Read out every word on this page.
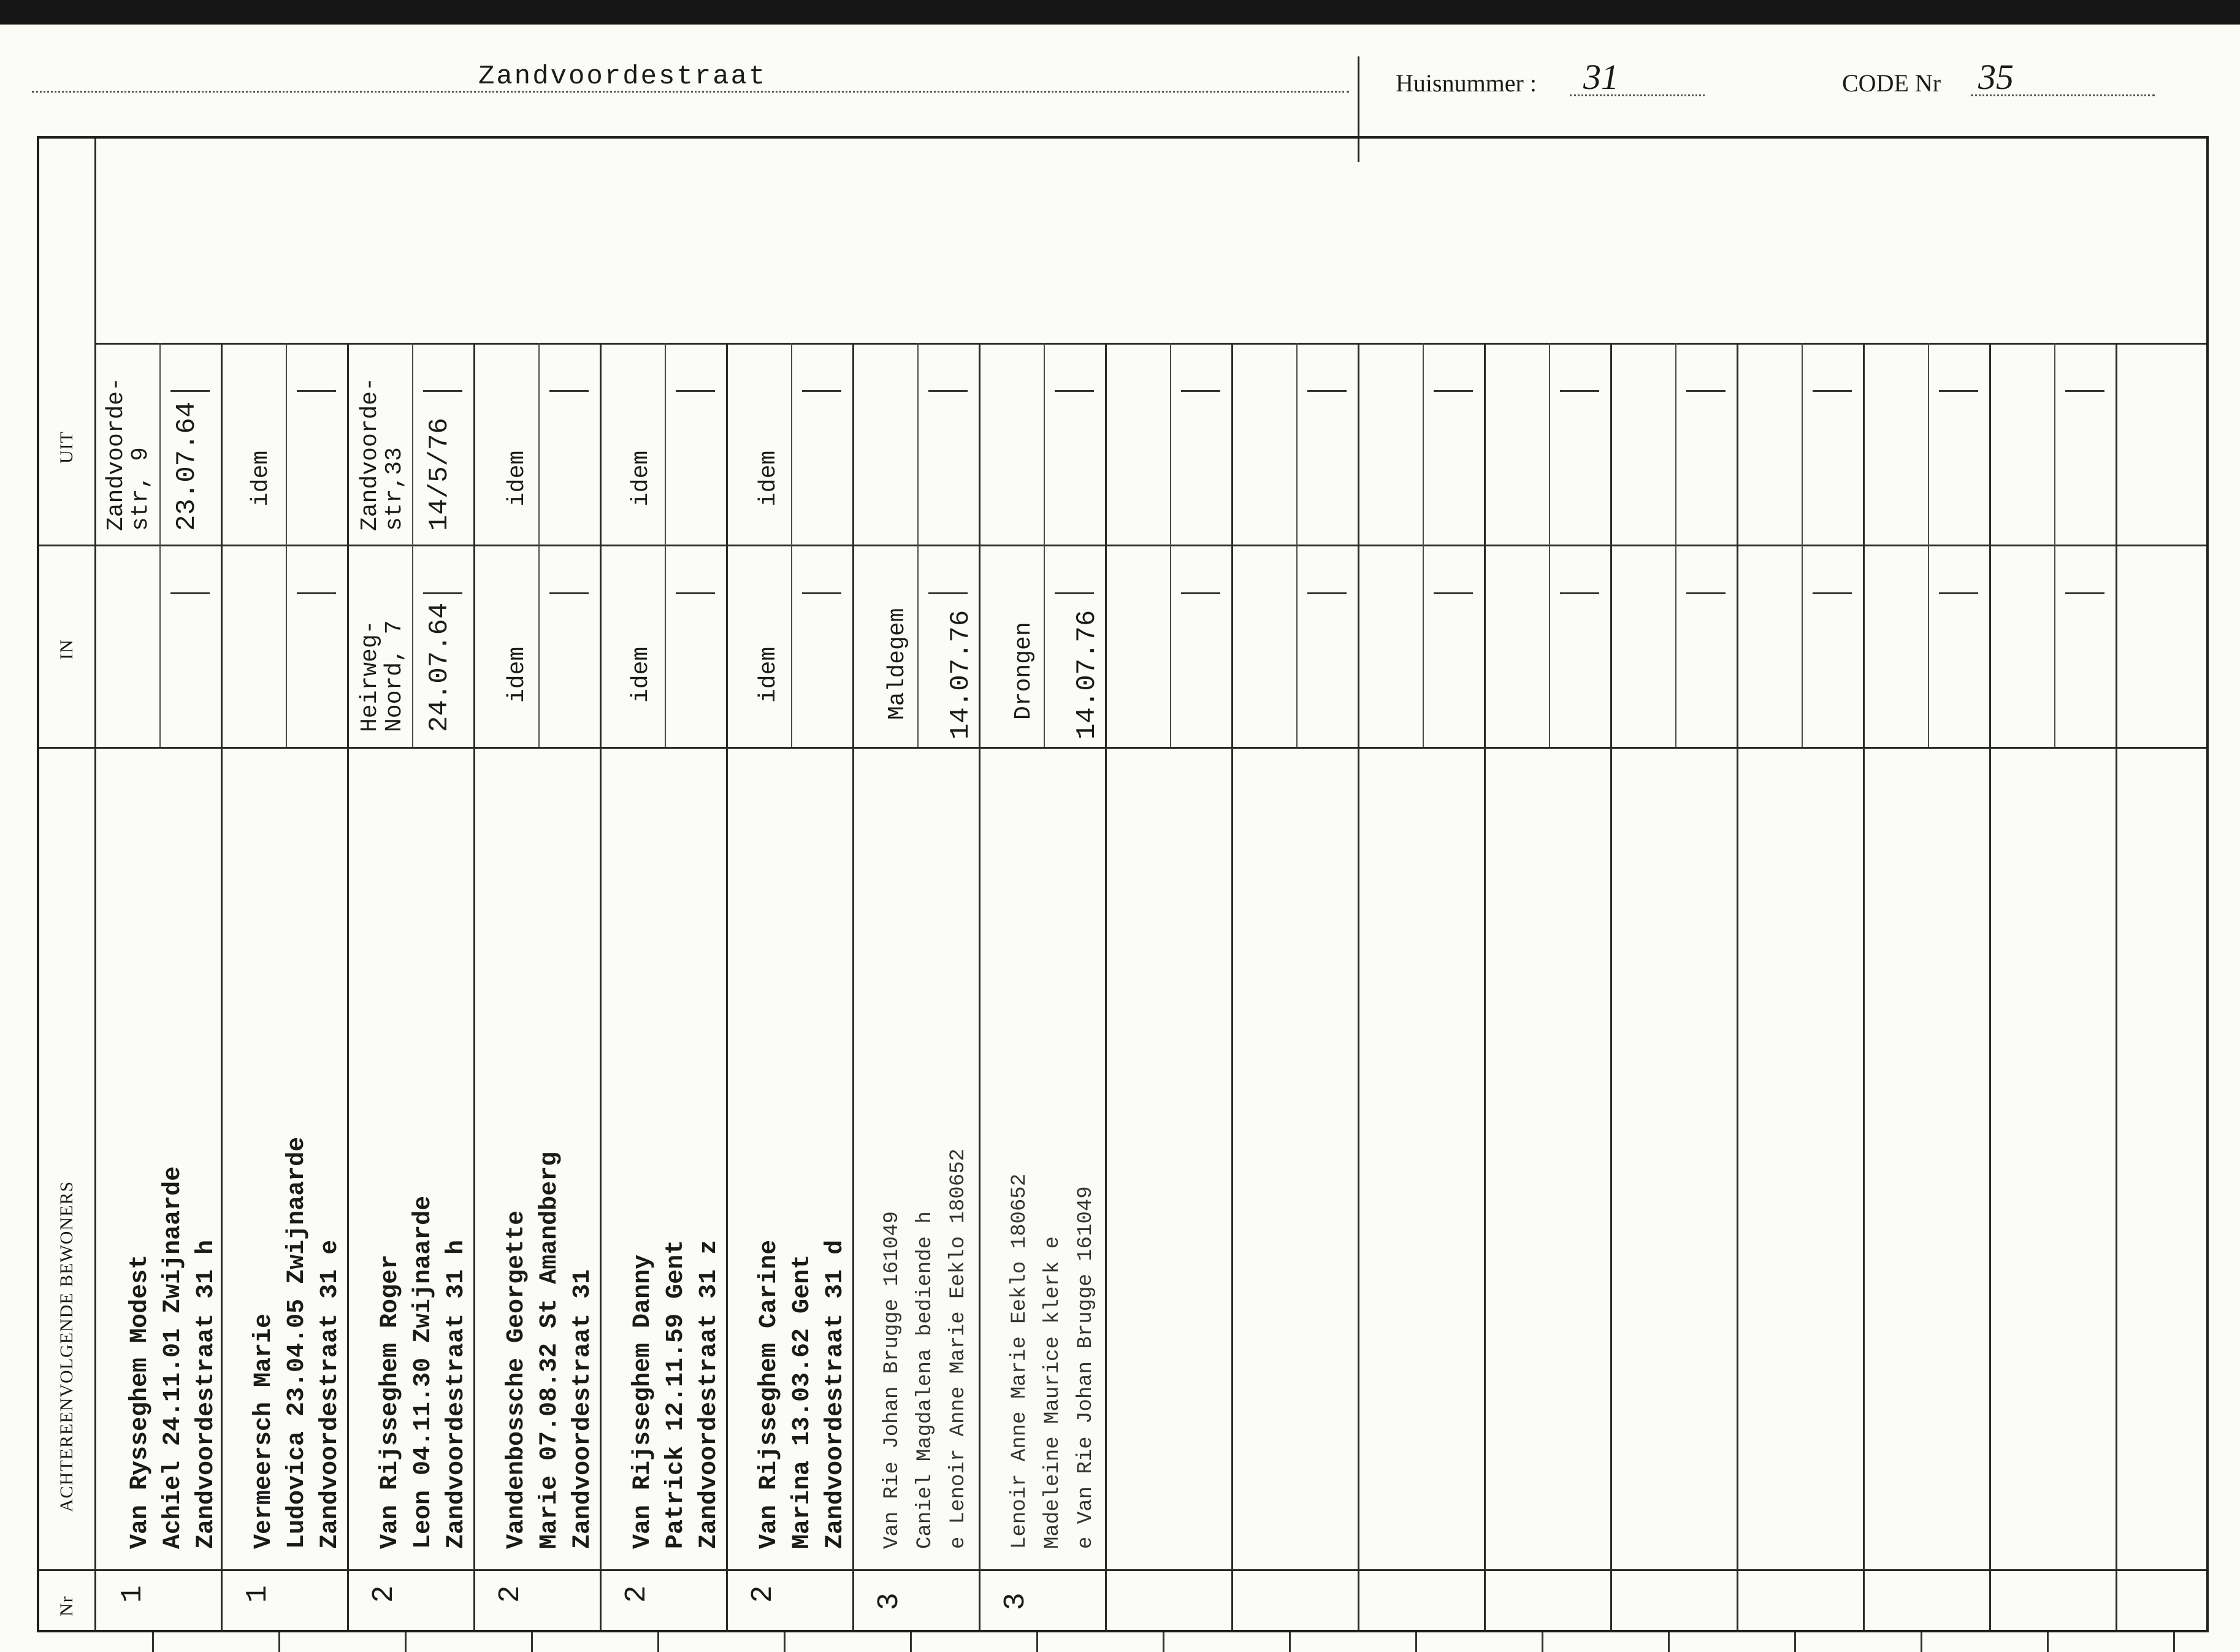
Zandvoordestraat	Huisnummer : 31	CODE Nr 35
Nr
ACHTEREENVOLGENDE BEWONERS
IN
UIT
1
Van Rysseghem Modest Achiel 24.11.01 Zwijnaarde Zandvoordestraat 31 h
Zandvoorde-
str, 9 23.07.64
1
Vermeersch Marie Ludovica 23.04.05 Zwijnaarde Zandvoordestraat 31 e
idem
2
Van Rijsseghem Roger Leon 04.11.30 Zwijnaarde Zandvoordestraat 31 h
Heirweg-
Noord, 7 24.07.64
Zandvoorde-
str,33 14/5/76
2
Vandenbossche Georgette Marie 07.08.32 St Amandberg Zandvoordestraat 31
idem
idem
2
Van Rijsseghem Danny Patrick 12.11.59 Gent Zandvoordestraat 31 z
idem
idem
2
Van Rijsseghem Carine Marina 13.03.62 Gent Zandvoordestraat 31 d
idem
idem
3
Van Rie Johan Brugge 161049 Caniel Magdalena bediende h e Lenoir Anne Marie Eeklo 180652
Maldegem 14.07.76
3
Lenoir Anne Marie Eeklo 180652 Madeleine Maurice klerk e e Van Rie Johan Brugge 161049
Drongen 14.07.76
